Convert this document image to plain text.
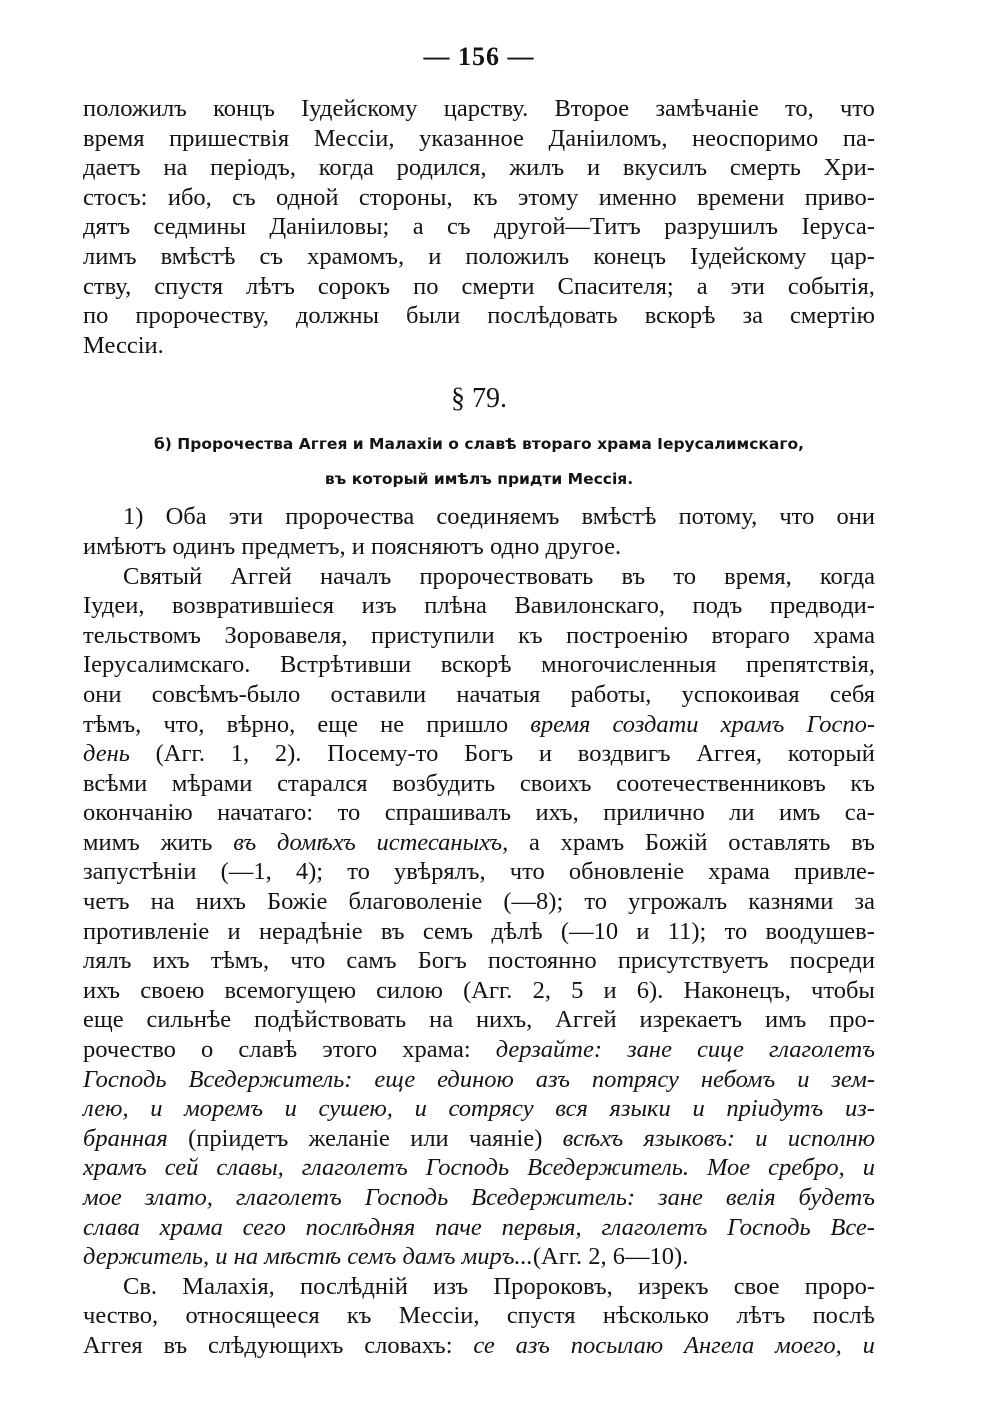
— 156 —
положилъ концъ Іудейскому царству. Второе замѣчаніе то, что
время пришествія Мессіи, указанное Даніиломъ, неоспоримо па-
даетъ на періодъ, когда родился, жилъ и вкусилъ смерть Хри-
стосъ: ибо, съ одной стороны, къ этому именно времени приво-
дятъ седмины Даніиловы; а съ другой—Титъ разрушилъ Іеруса-
лимъ вмѣстѣ съ храмомъ, и положилъ конецъ Іудейскому цар-
ству, спустя лѣтъ сорокъ по смерти Спасителя; а эти событія,
по пророчеству, должны были послѣдовать вскорѣ за смертію
Мессіи.
§ 79.
б) Пророчества Аггея и Малахіи о славѣ втораго храма Іерусалимскаго,
въ который имѣлъ придти Мессія.
1) Оба эти пророчества соединяемъ вмѣстѣ потому, что они
имѣютъ одинъ предметъ, и поясняютъ одно другое.
Святый Аггей началъ пророчествовать въ то время, когда
Іудеи, возвратившіеся изъ плѣна Вавилонскаго, подъ предводи-
тельствомъ Зоровавеля, приступили къ построенію втораго храма
Іерусалимскаго. Встрѣтивши вскорѣ многочисленныя препятствія,
они совсѣмъ-было оставили начатыя работы, успокоивая себя
тѣмъ, что, вѣрно, еще не пришло время создати храмъ Госпо-
день (Агг. 1, 2). Посему-то Богъ и воздвигъ Аггея, который
всѣми мѣрами старался возбудить своихъ соотечественниковъ къ
окончанію начатаго: то спрашивалъ ихъ, прилично ли имъ са-
мимъ жить въ домѣхъ истесаныхъ, а храмъ Божій оставлять въ
запустѣніи (—1, 4); то увѣрялъ, что обновленіе храма привле-
четъ на нихъ Божіе благоволеніе (—8); то угрожалъ казнями за
противленіе и нерадѣніе въ семъ дѣлѣ (—10 и 11); то воодушев-
лялъ ихъ тѣмъ, что самъ Богъ постоянно присутствуетъ посреди
ихъ своею всемогущею силою (Агг. 2, 5 и 6). Наконецъ, чтобы
еще сильнѣе подѣйствовать на нихъ, Аггей изрекаетъ имъ про-
рочество о славѣ этого храма: дерзайте: зане сице глаголетъ
Господь Вседержитель: еще единою азъ потрясу небомъ и зем-
лею, и моремъ и сушею, и сотрясу вся языки и пріидутъ из-
бранная (пріидетъ желаніе или чаяніе) всѣхъ языковъ: и исполню
храмъ сей славы, глаголетъ Господь Вседержитель. Мое сребро, и
мое злато, глаголетъ Господь Вседержитель: зане велія будетъ
слава храма сего послѣдняя паче первыя, глаголетъ Господь Все-
держитель, и на мѣстѣ семъ дамъ миръ... (Агг. 2, 6—10).
Св. Малахія, послѣдній изъ Пророковъ, изрекъ свое проро-
чество, относящееся къ Мессіи, спустя нѣсколько лѣтъ послѣ
Аггея въ слѣдующихъ словахъ: се азъ посылаю Ангела моего, и
